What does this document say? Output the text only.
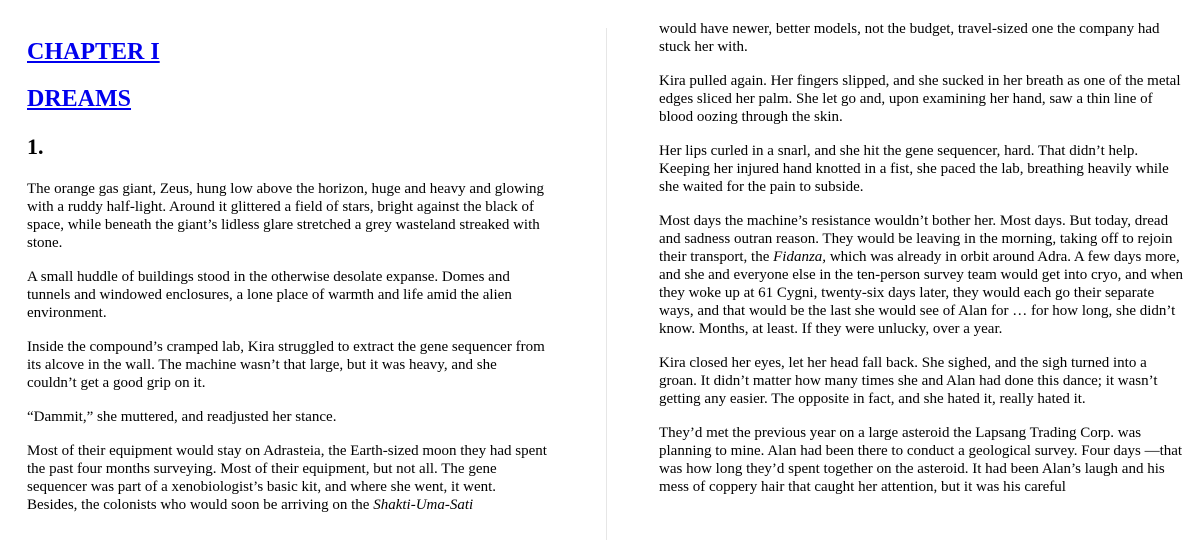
CHAPTER I
DREAMS
1.

The orange gas giant, Zeus, hung low above the horizon, huge and heavy and glowing with a ruddy half-light. Around it glittered a field of stars, bright against the black of space, while beneath the giant’s lidless glare stretched a grey wasteland streaked with stone.

A small huddle of buildings stood in the otherwise desolate expanse. Domes and tunnels and windowed enclosures, a lone place of warmth and life amid the alien environment.

Inside the compound’s cramped lab, Kira struggled to extract the gene sequencer from its alcove in the wall. The machine wasn’t that large, but it was heavy, and she couldn’t get a good grip on it.

“Dammit,” she muttered, and readjusted her stance.

Most of their equipment would stay on Adrasteia, the Earth-sized moon they had spent the past four months surveying. Most of their equipment, but not all. The gene sequencer was part of a xenobiologist’s basic kit, and where she went, it went. Besides, the colonists who would soon be arriving on the Shakti-Uma-Sati

would have newer, better models, not the budget, travel-sized one the company had stuck her with.

Kira pulled again. Her fingers slipped, and she sucked in her breath as one of the metal edges sliced her palm. She let go and, upon examining her hand, saw a thin line of blood oozing through the skin.

Her lips curled in a snarl, and she hit the gene sequencer, hard. That didn’t help. Keeping her injured hand knotted in a fist, she paced the lab, breathing heavily while she waited for the pain to subside.

Most days the machine’s resistance wouldn’t bother her. Most days. But today, dread and sadness outran reason. They would be leaving in the morning, taking off to rejoin their transport, the Fidanza, which was already in orbit around Adra. A few days more, and she and everyone else in the ten-person survey team would get into cryo, and when they woke up at 61 Cygni, twenty-six days later, they would each go their separate ways, and that would be the last she would see of Alan for … for how long, she didn’t know. Months, at least. If they were unlucky, over a year.

Kira closed her eyes, let her head fall back. She sighed, and the sigh turned into a groan. It didn’t matter how many times she and Alan had done this dance; it wasn’t getting any easier. The opposite in fact, and she hated it, really hated it.

They’d met the previous year on a large asteroid the Lapsang Trading Corp. was planning to mine. Alan had been there to conduct a geological survey. Four days —that was how long they’d spent together on the asteroid. It had been Alan’s laugh and his mess of coppery hair that caught her attention, but it was his careful
